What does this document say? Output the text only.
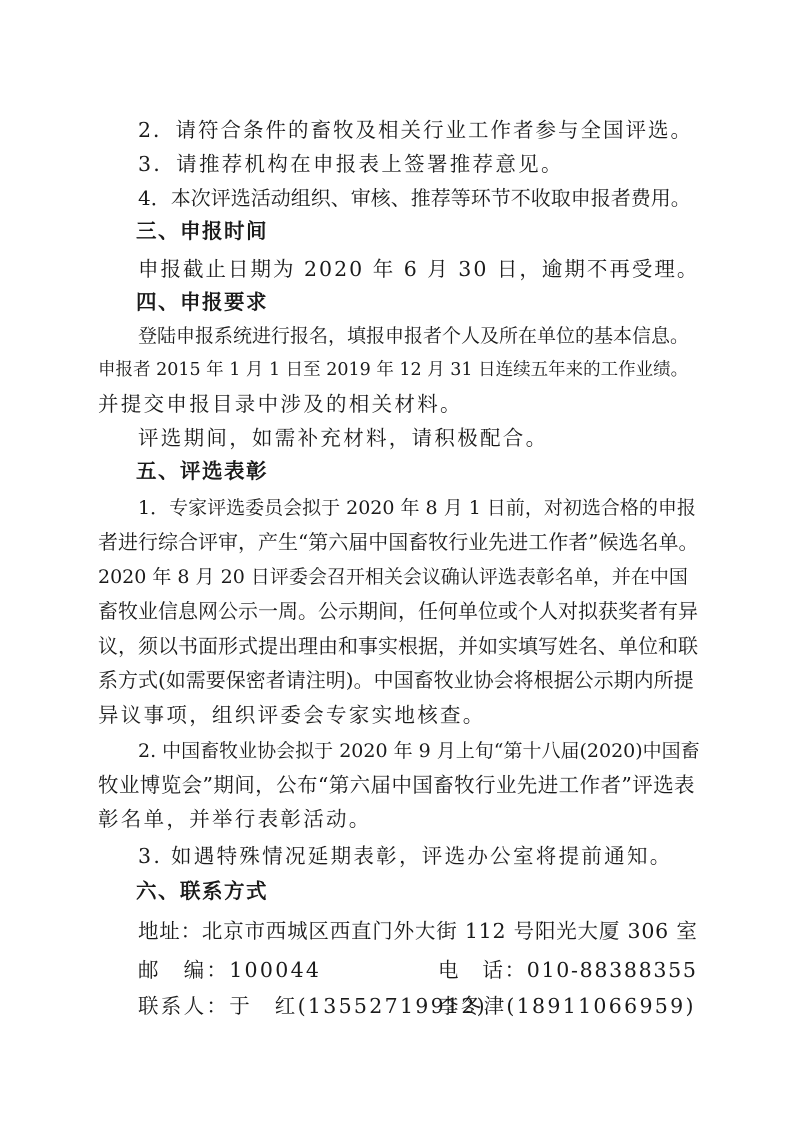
2．请符合条件的畜牧及相关行业工作者参与全国评选。
3．请推荐机构在申报表上签署推荐意见。
4．本次评选活动组织、审核、推荐等环节不收取申报者费用。
三、申报时间
申报截止日期为 2020 年 6 月 30 日，逾期不再受理。
四、申报要求
登陆申报系统进行报名，填报申报者个人及所在单位的基本信息。
申报者 2015 年 1 月 1 日至 2019 年 12 月 31 日连续五年来的工作业绩。
并提交申报目录中涉及的相关材料。
评选期间，如需补充材料，请积极配合。
五、评选表彰
1．专家评选委员会拟于 2020 年 8 月 1 日前，对初选合格的申报
者进行综合评审，产生“第六届中国畜牧行业先进工作者”候选名单。
2020 年 8 月 20 日评委会召开相关会议确认评选表彰名单，并在中国
畜牧业信息网公示一周。公示期间，任何单位或个人对拟获奖者有异
议，须以书面形式提出理由和事实根据，并如实填写姓名、单位和联
系方式(如需要保密者请注明)。中国畜牧业协会将根据公示期内所提
异议事项，组织评委会专家实地核查。
2. 中国畜牧业协会拟于 2020 年 9 月上旬“第十八届(2020)中国畜
牧业博览会”期间，公布“第六届中国畜牧行业先进工作者”评选表
彰名单，并举行表彰活动。
3. 如遇特殊情况延期表彰，评选办公室将提前通知。
六、联系方式
地址：北京市西城区西直门外大街 112 号阳光大厦 306 室
邮　编：100044	电　话：010-88388355
联系人：于　红(13552719912)
李冬津(18911066959)
